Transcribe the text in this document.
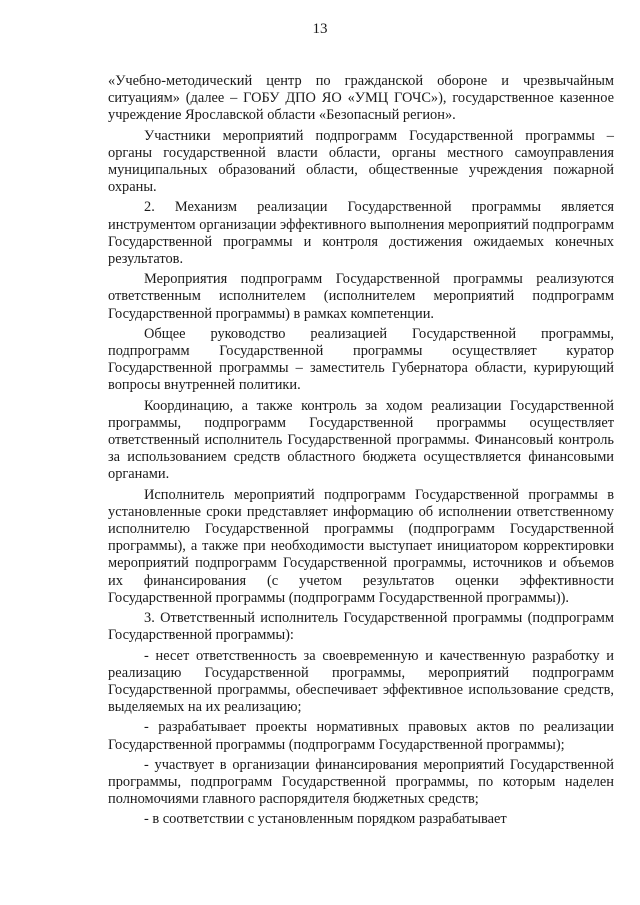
13

«Учебно-методический центр по гражданской обороне и чрезвычайным ситуациям» (далее – ГОБУ ДПО ЯО «УМЦ ГОЧС»), государственное казенное учреждение Ярославской области «Безопасный регион».

Участники мероприятий подпрограмм Государственной программы – органы государственной власти области, органы местного самоуправления муниципальных образований области, общественные учреждения пожарной охраны.

2. Механизм реализации Государственной программы является инструментом организации эффективного выполнения мероприятий подпрограмм Государственной программы и контроля достижения ожидаемых конечных результатов.

Мероприятия подпрограмм Государственной программы реализуются ответственным исполнителем (исполнителем мероприятий подпрограмм Государственной программы) в рамках компетенции.

Общее руководство реализацией Государственной программы, подпрограмм Государственной программы осуществляет куратор Государственной программы – заместитель Губернатора области, курирующий вопросы внутренней политики.

Координацию, а также контроль за ходом реализации Государственной программы, подпрограмм Государственной программы осуществляет ответственный исполнитель Государственной программы. Финансовый контроль за использованием средств областного бюджета осуществляется финансовыми органами.

Исполнитель мероприятий подпрограмм Государственной программы в установленные сроки представляет информацию об исполнении ответственному исполнителю Государственной программы (подпрограмм Государственной программы), а также при необходимости выступает инициатором корректировки мероприятий подпрограмм Государственной программы, источников и объемов их финансирования (с учетом результатов оценки эффективности Государственной программы (подпрограмм Государственной программы)).

3. Ответственный исполнитель Государственной программы (подпрограмм Государственной программы):

- несет ответственность за своевременную и качественную разработку и реализацию Государственной программы, мероприятий подпрограмм Государственной программы, обеспечивает эффективное использование средств, выделяемых на их реализацию;

- разрабатывает проекты нормативных правовых актов по реализации Государственной программы (подпрограмм Государственной программы);

- участвует в организации финансирования мероприятий Государственной программы, подпрограмм Государственной программы, по которым наделен полномочиями главного распорядителя бюджетных средств;

- в соответствии с установленным порядком разрабатывает
